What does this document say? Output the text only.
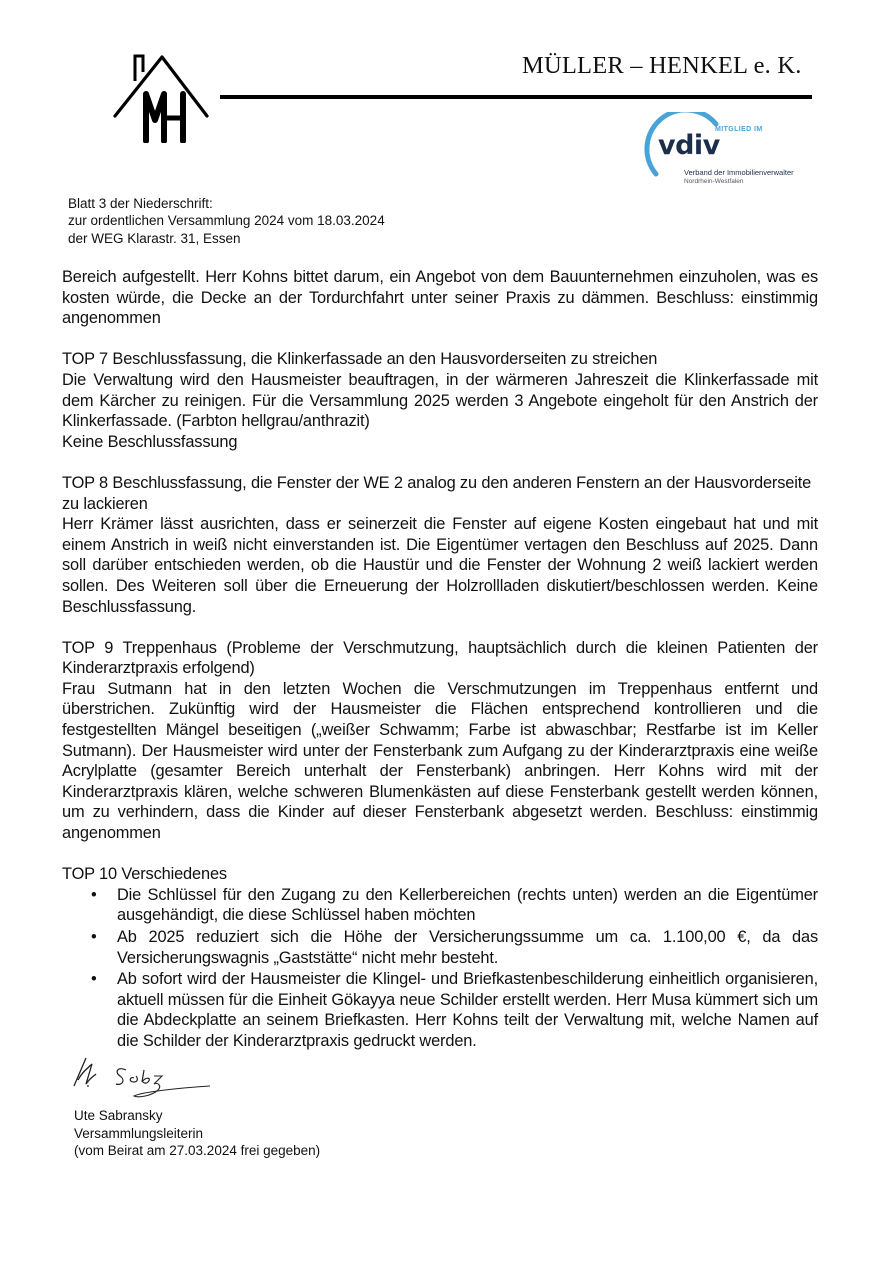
MÜLLER – HENKEL e. K.
MITGLIED IM
vdiv
Verband der Immobilienverwalter
Nordrhein-Westfalen
Blatt 3 der Niederschrift:
zur ordentlichen Versammlung 2024 vom 18.03.2024
der WEG Klarastr. 31, Essen

Bereich aufgestellt. Herr Kohns bittet darum, ein Angebot von dem Bauunternehmen einzuholen, was es kosten würde, die Decke an der Tordurchfahrt unter seiner Praxis zu dämmen. Beschluss: einstimmig angenommen

TOP 7 Beschlussfassung, die Klinkerfassade an den Hausvorderseiten zu streichen

Die Verwaltung wird den Hausmeister beauftragen, in der wärmeren Jahreszeit die Klinkerfassade mit dem Kärcher zu reinigen. Für die Versammlung 2025 werden 3 Angebote eingeholt für den Anstrich der Klinkerfassade. (Farbton hellgrau/anthrazit)

Keine Beschlussfassung

TOP 8 Beschlussfassung, die Fenster der WE 2 analog zu den anderen Fenstern an der Hausvorderseite zu lackieren

Herr Krämer lässt ausrichten, dass er seinerzeit die Fenster auf eigene Kosten eingebaut hat und mit einem Anstrich in weiß nicht einverstanden ist. Die Eigentümer vertagen den Beschluss auf 2025. Dann soll darüber entschieden werden, ob die Haustür und die Fenster der Wohnung 2 weiß lackiert werden sollen. Des Weiteren soll über die Erneuerung der Holzrollladen diskutiert/beschlossen werden. Keine Beschlussfassung.

TOP 9 Treppenhaus (Probleme der Verschmutzung, hauptsächlich durch die kleinen Patienten der Kinderarztpraxis erfolgend)

Frau Sutmann hat in den letzten Wochen die Verschmutzungen im Treppenhaus entfernt und überstrichen. Zukünftig wird der Hausmeister die Flächen entsprechend kontrollieren und die festgestellten Mängel beseitigen („weißer Schwamm; Farbe ist abwaschbar; Restfarbe ist im Keller Sutmann). Der Hausmeister wird unter der Fensterbank zum Aufgang zu der Kinderarztpraxis eine weiße Acrylplatte (gesamter Bereich unterhalt der Fensterbank) anbringen. Herr Kohns wird mit der Kinderarztpraxis klären, welche schweren Blumenkästen auf diese Fensterbank gestellt werden können, um zu verhindern, dass die Kinder auf dieser Fensterbank abgesetzt werden. Beschluss: einstimmig angenommen

TOP 10 Verschiedenes

• Die Schlüssel für den Zugang zu den Kellerbereichen (rechts unten) werden an die Eigentümer ausgehändigt, die diese Schlüssel haben möchten
• Ab 2025 reduziert sich die Höhe der Versicherungssumme um ca. 1.100,00 €, da das Versicherungswagnis „Gaststätte“ nicht mehr besteht.
• Ab sofort wird der Hausmeister die Klingel- und Briefkastenbeschilderung einheitlich organisieren, aktuell müssen für die Einheit Gökayya neue Schilder erstellt werden. Herr Musa kümmert sich um die Abdeckplatte an seinem Briefkasten. Herr Kohns teilt der Verwaltung mit, welche Namen auf die Schilder der Kinderarztpraxis gedruckt werden.
Ute Sabransky
Versammlungsleiterin
(vom Beirat am 27.03.2024 frei gegeben)
